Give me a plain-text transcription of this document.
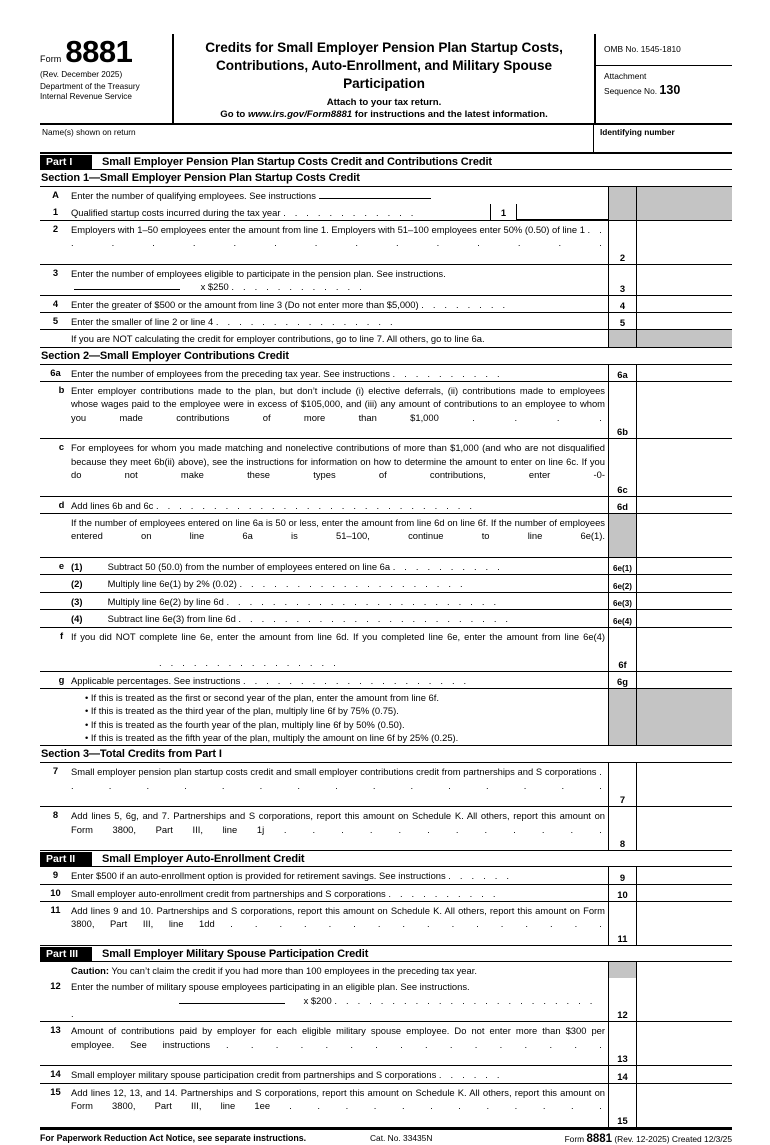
Form 8881
(Rev. December 2025)
Department of the Treasury
Internal Revenue Service
Credits for Small Employer Pension Plan Startup Costs,
Contributions, Auto-Enrollment, and Military Spouse Participation
Attach to your tax return.
Go to www.irs.gov/Form8881 for instructions and the latest information.
OMB No. 1545-1810
Attachment
Sequence No. 130
Name(s) shown on return	Identifying number
Part I	Small Employer Pension Plan Startup Costs Credit and Contributions Credit
Section 1—Small Employer Pension Plan Startup Costs Credit
A	Enter the number of qualifying employees. See instructions
1	Qualified startup costs incurred during the tax year . . . . . . . . . . . .	1
2	Employers with 1–50 employees enter the amount from line 1. Employers with 51–100 employees enter 50% (0.50) of line 1 . . . . . . . . . . . . . . . .
2
3	Enter the number of employees eligible to participate in the pension plan. See instructions.
x $250 . . . . . . . . . . . .	3
4	Enter the greater of $500 or the amount from line 3 (Do not enter more than $5,000) . . . . . . . .	4
5	Enter the smaller of line 2 or line 4 . . . . . . . . . . . . . . . .	5
If you are NOT calculating the credit for employer contributions, go to line 7. All others, go to line 6a.
Section 2—Small Employer Contributions Credit
6a	Enter the number of employees from the preceding tax year. See instructions . . . . . . . . . .	6a
b Enter employer contributions made to the plan, but don’t include (i) elective deferrals, (ii) contributions made to employees whose wages paid to the employee were in excess of $105,000, and (iii) any amount of contributions to an employee to whom you made contributions of more than $1,000	. . . .
6b
c For employees for whom you made matching and nonelective contributions of more than $1,000 (and who are not disqualified because they meet 6b(ii) above), see the instructions for information on how to determine the amount to enter on line 6c. If you do not make these types of contributions, enter -0-
6c
d Add lines 6b and 6c . . . . . . . . . . . . . . . . . . . . . . . . . . . .	6d
If the number of employees entered on line 6a is 50 or less, enter the amount from line 6d on line 6f. If the number of employees entered on line 6a is 51–100, continue to line 6e(1).
e (1)	Subtract 50 (50.0) from the number of employees entered on line 6a . . . . . . . . . .	6e(1)
(2)	Multiply line 6e(1) by 2% (0.02) . . . . . . . . . . . . . . . . . . . .	6e(2)
(3)	Multiply line 6e(2) by line 6d . . . . . . . . . . . . . . . . . . . . . . . .	6e(3)
(4)	Subtract line 6e(3) from line 6d . . . . . . . . . . . . . . . . . . . . . . . .	6e(4)
f If you did NOT complete line 6e, enter the amount from line 6d. If you completed line 6e, enter the amount from line 6e(4)
. . . . . . . . . . . . . . . .	6f
g Applicable percentages. See instructions . . . . . . . . . . . . . . . . . . . .	6g
• If this is treated as the first or second year of the plan, enter the amount from line 6f.
• If this is treated as the third year of the plan, multiply line 6f by 75% (0.75).
• If this is treated as the fourth year of the plan, multiply line 6f by 50% (0.50).
• If this is treated as the fifth year of the plan, multiply the amount on line 6f by 25% (0.25).
Section 3—Total Credits from Part I
7	Small employer pension plan startup costs credit and small employer contributions credit from partnerships and S corporations . . . . . . . . . . . . . . . .
7
8	Add lines 5, 6g, and 7. Partnerships and S corporations, report this amount on Schedule K. All others, report this amount on Form 3800, Part III, line 1j . . . . . . . . . . . .
8
Part II	Small Employer Auto-Enrollment Credit
9	Enter $500 if an auto-enrollment option is provided for retirement savings. See instructions . . . . . .	9
10	Small employer auto-enrollment credit from partnerships and S corporations . . . . . . . . . .	10
11	Add lines 9 and 10. Partnerships and S corporations, report this amount on Schedule K. All others, report this amount on Form 3800, Part III, line 1dd . . . . . . . . . . . . . . . .
11
Part III	Small Employer Military Spouse Participation Credit
Caution: You can’t claim the credit if you had more than 100 employees in the preceding tax year.
12	Enter the number of military spouse employees participating in an eligible plan. See instructions.
x $200 . . . . . . . . . . . . . . . . . . . . . . . .	12
13	Amount of contributions paid by employer for each eligible military spouse employee. Do not enter more than $300 per employee. See instructions . . . . . . . . . . . . . . . .
13
14	Small employer military spouse participation credit from partnerships and S corporations . . . . . .	14
15	Add lines 12, 13, and 14. Partnerships and S corporations, report this amount on Schedule K. All others, report this amount on Form 3800, Part III, line 1ee . . . . . . . . . . . .
15
For Paperwork Reduction Act Notice, see separate instructions.	Cat. No. 33435N	Form 8881 (Rev. 12-2025) Created 12/3/25
